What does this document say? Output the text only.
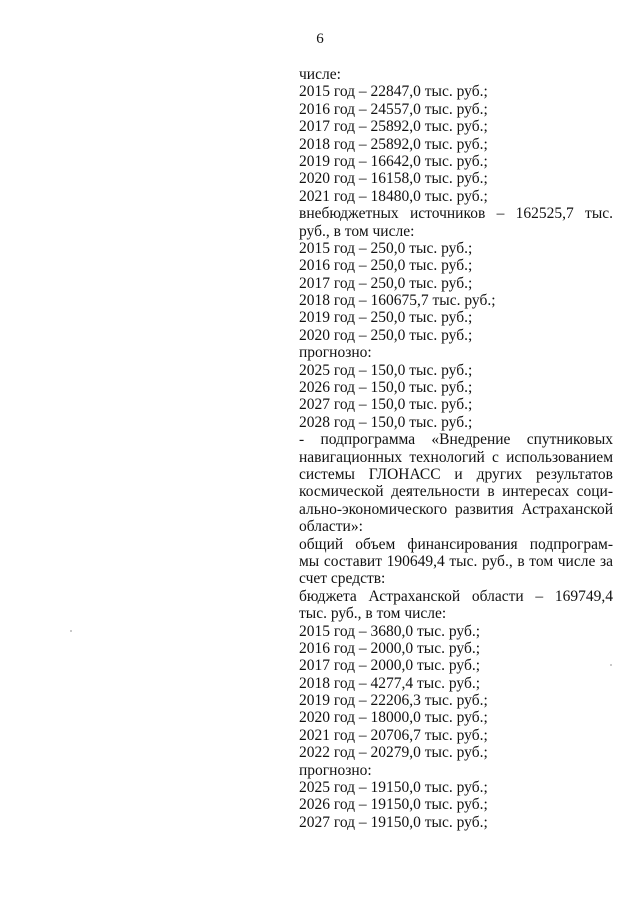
6
числе:
2015 год – 22847,0 тыс. руб.;
2016 год – 24557,0 тыс. руб.;
2017 год – 25892,0 тыс. руб.;
2018 год – 25892,0 тыс. руб.;
2019 год – 16642,0 тыс. руб.;
2020 год – 16158,0 тыс. руб.;
2021 год – 18480,0 тыс. руб.;
внебюджетных источников – 162525,7 тыс.
руб., в том числе:
2015 год – 250,0 тыс. руб.;
2016 год – 250,0 тыс. руб.;
2017 год – 250,0 тыс. руб.;
2018 год – 160675,7 тыс. руб.;
2019 год – 250,0 тыс. руб.;
2020 год – 250,0 тыс. руб.;
прогнозно:
2025 год – 150,0 тыс. руб.;
2026 год – 150,0 тыс. руб.;
2027 год – 150,0 тыс. руб.;
2028 год – 150,0 тыс. руб.;
- подпрограмма «Внедрение спутниковых
навигационных технологий с использованием
системы ГЛОНАСС и других результатов
космической деятельности в интересах соци-
ально-экономического развития Астраханской
области»:
общий объем финансирования подпрограм-
мы составит 190649,4 тыс. руб., в том числе за
счет средств:
бюджета Астраханской области – 169749,4
тыс. руб., в том числе:
2015 год – 3680,0 тыс. руб.;
2016 год – 2000,0 тыс. руб.;
2017 год – 2000,0 тыс. руб.;
2018 год – 4277,4 тыс. руб.;
2019 год – 22206,3 тыс. руб.;
2020 год – 18000,0 тыс. руб.;
2021 год – 20706,7 тыс. руб.;
2022 год – 20279,0 тыс. руб.;
прогнозно:
2025 год – 19150,0 тыс. руб.;
2026 год – 19150,0 тыс. руб.;
2027 год – 19150,0 тыс. руб.;
